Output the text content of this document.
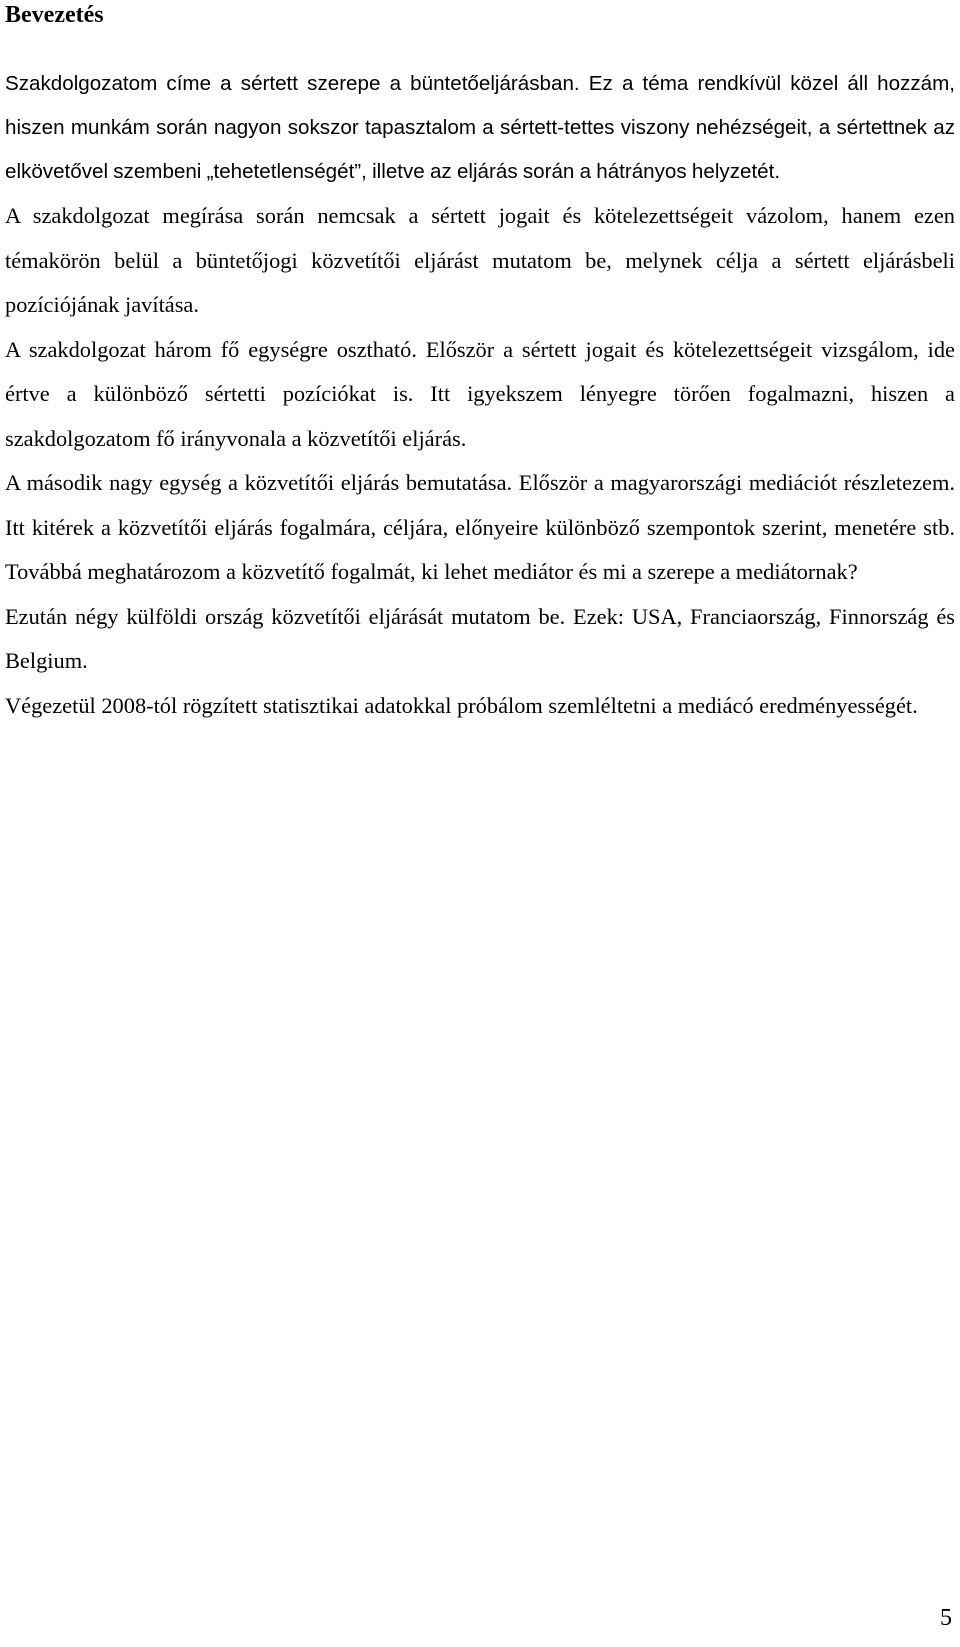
Bevezetés

Szakdolgozatom címe a sértett szerepe a büntetőeljárásban. Ez a téma rendkívül közel áll hozzám, hiszen munkám során nagyon sokszor tapasztalom a sértett-tettes viszony nehézségeit, a sértettnek az elkövetővel szembeni „tehetetlenségét”, illetve az eljárás során a hátrányos helyzetét.

A szakdolgozat megírása során nemcsak a sértett jogait és kötelezettségeit vázolom, hanem ezen témakörön belül a büntetőjogi közvetítői eljárást mutatom be, melynek célja a sértett eljárásbeli pozíciójának javítása.

A szakdolgozat három fő egységre osztható. Először a sértett jogait és kötelezettségeit vizsgálom, ide értve a különböző sértetti pozíciókat is. Itt igyekszem lényegre törően fogalmazni, hiszen a szakdolgozatom fő irányvonala a közvetítői eljárás.

A második nagy egység a közvetítői eljárás bemutatása. Először a magyarországi mediációt részletezem. Itt kitérek a közvetítői eljárás fogalmára, céljára, előnyeire különböző szempontok szerint, menetére stb. Továbbá meghatározom a közvetítő fogalmát, ki lehet mediátor és mi a szerepe a mediátornak?

Ezután négy külföldi ország közvetítői eljárását mutatom be. Ezek: USA, Franciaország, Finnország és Belgium.

Végezetül 2008-tól rögzített statisztikai adatokkal próbálom szemléltetni a mediácó eredményességét.

5
